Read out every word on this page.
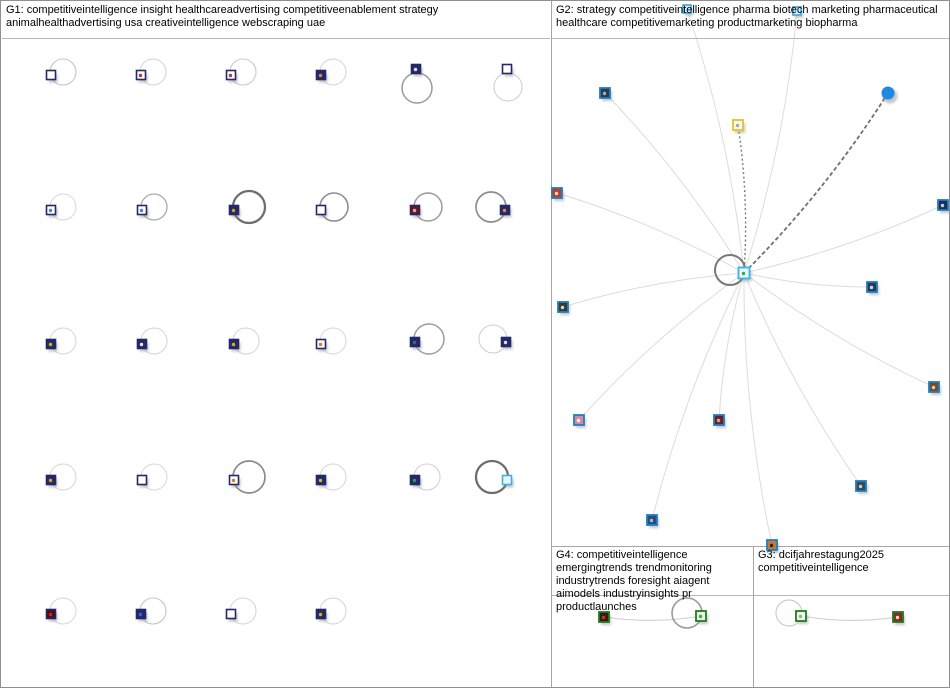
G1: competitiveintelligence insight healthcareadvertising competitiveenablement strategy animalhealthadvertising usa creativeintelligence webscraping uae
G2: strategy competitiveintelligence pharma biotech marketing pharmaceutical healthcare competitivemarketing productmarketing biopharma
G4: competitiveintelligence emergingtrends trendmonitoring industrytrends foresight aiagent aimodels industryinsights pr productlaunches
G3: dcifjahrestagung2025 competitiveintelligence
